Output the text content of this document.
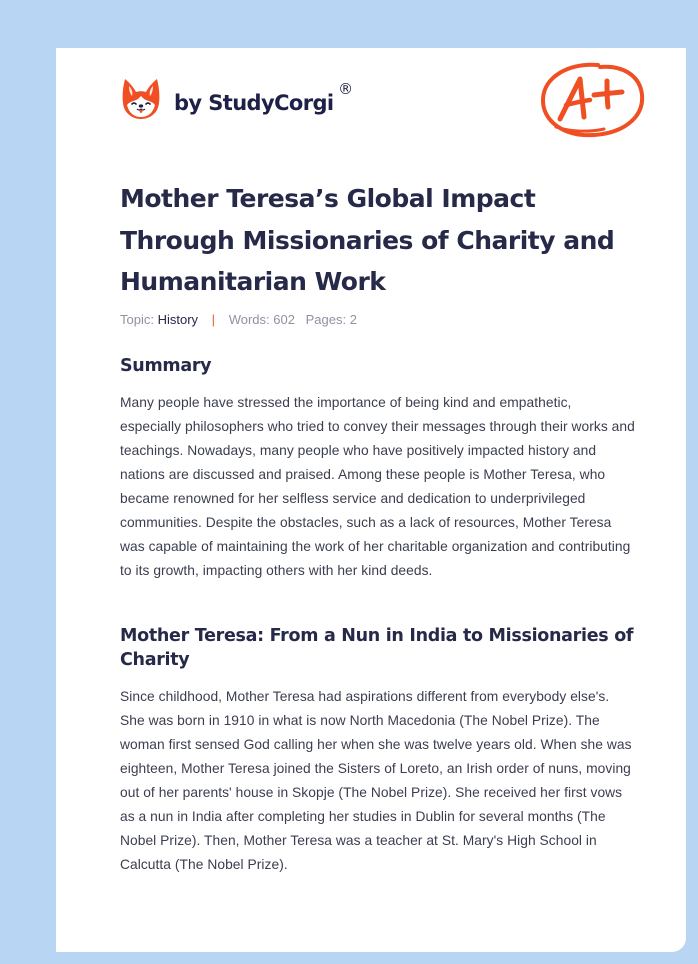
by StudyCorgi
®
Mother Teresa’s Global Impact Through Missionaries of Charity and Humanitarian Work
Topic: History | Words: 602 Pages: 2
Summary

Many people have stressed the importance of being kind and empathetic, especially philosophers who tried to convey their messages through their works and teachings. Nowadays, many people who have positively impacted history and nations are discussed and praised. Among these people is Mother Teresa, who became renowned for her selfless service and dedication to underprivileged communities. Despite the obstacles, such as a lack of resources, Mother Teresa was capable of maintaining the work of her charitable organization and contributing to its growth, impacting others with her kind deeds.

Mother Teresa: From a Nun in India to Missionaries of Charity

Since childhood, Mother Teresa had aspirations different from everybody else's. She was born in 1910 in what is now North Macedonia (The Nobel Prize). The woman first sensed God calling her when she was twelve years old. When she was eighteen, Mother Teresa joined the Sisters of Loreto, an Irish order of nuns, moving out of her parents' house in Skopje (The Nobel Prize). She received her first vows as a nun in India after completing her studies in Dublin for several months (The Nobel Prize). Then, Mother Teresa was a teacher at St. Mary's High School in Calcutta (The Nobel Prize).
